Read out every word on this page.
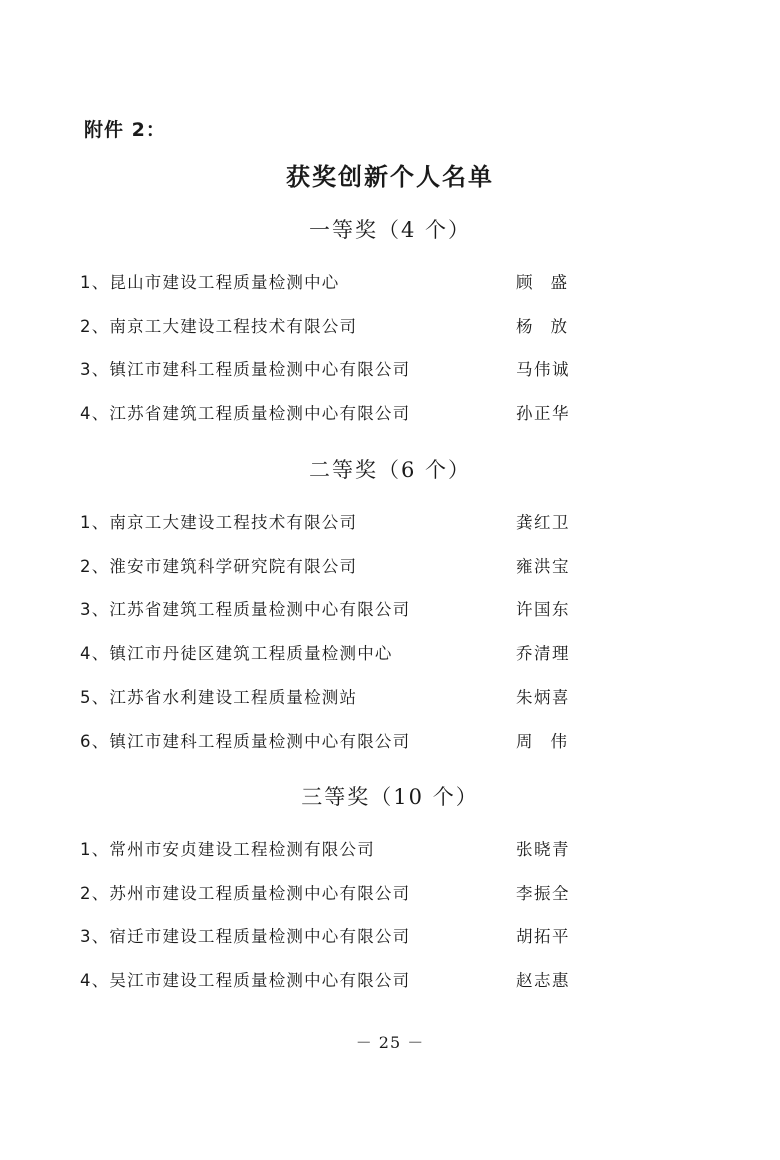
附件 2：
获奖创新个人名单
一等奖（4 个）
1、昆山市建设工程质量检测中心	顾盛
2、南京工大建设工程技术有限公司	杨放
3、镇江市建科工程质量检测中心有限公司	马伟诚
4、江苏省建筑工程质量检测中心有限公司	孙正华
二等奖（6 个）
1、南京工大建设工程技术有限公司	龚红卫
2、淮安市建筑科学研究院有限公司	雍洪宝
3、江苏省建筑工程质量检测中心有限公司	许国东
4、镇江市丹徒区建筑工程质量检测中心	乔清理
5、江苏省水利建设工程质量检测站	朱炳喜
6、镇江市建科工程质量检测中心有限公司	周伟
三等奖（10 个）
1、常州市安贞建设工程检测有限公司	张晓青
2、苏州市建设工程质量检测中心有限公司	李振全
3、宿迁市建设工程质量检测中心有限公司	胡拓平
4、吴江市建设工程质量检测中心有限公司	赵志惠
－ 25 －
